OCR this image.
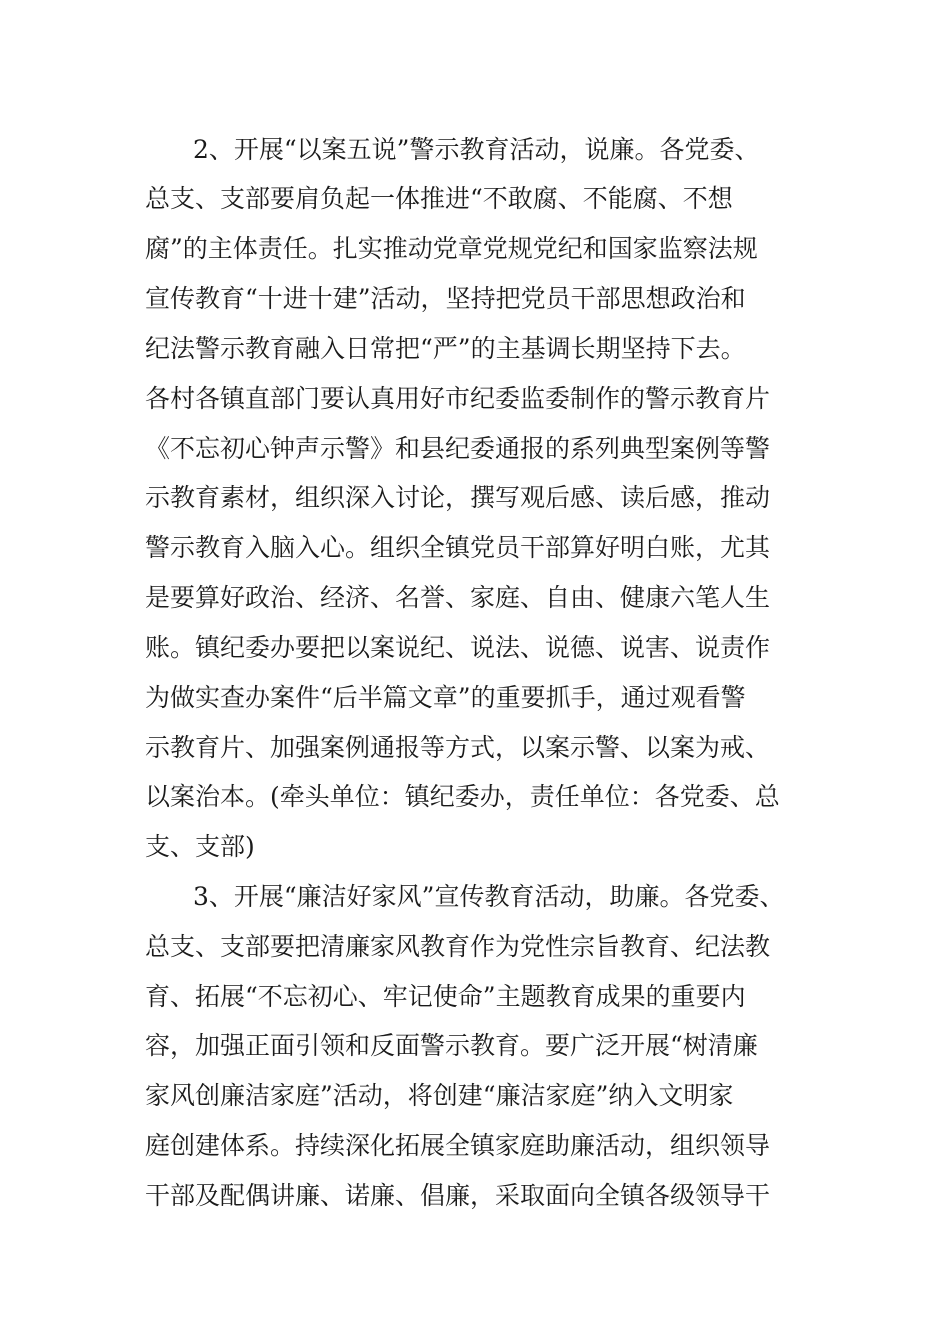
2、开展“以案五说”警示教育活动，说廉。各党委、
总支、支部要肩负起一体推进“不敢腐、不能腐、不想
腐”的主体责任。扎实推动党章党规党纪和国家监察法规
宣传教育“十进十建”活动，坚持把党员干部思想政治和
纪法警示教育融入日常把“严”的主基调长期坚持下去。
各村各镇直部门要认真用好市纪委监委制作的警示教育片
《不忘初心钟声示警》和县纪委通报的系列典型案例等警
示教育素材，组织深入讨论，撰写观后感、读后感，推动
警示教育入脑入心。组织全镇党员干部算好明白账，尤其
是要算好政治、经济、名誉、家庭、自由、健康六笔人生
账。镇纪委办要把以案说纪、说法、说德、说害、说责作
为做实查办案件“后半篇文章”的重要抓手，通过观看警
示教育片、加强案例通报等方式，以案示警、以案为戒、
以案治本。(牵头单位：镇纪委办，责任单位：各党委、总
支、支部)
3、开展“廉洁好家风”宣传教育活动，助廉。各党委、
总支、支部要把清廉家风教育作为党性宗旨教育、纪法教
育、拓展“不忘初心、牢记使命”主题教育成果的重要内
容，加强正面引领和反面警示教育。要广泛开展“树清廉
家风创廉洁家庭”活动，将创建“廉洁家庭”纳入文明家
庭创建体系。持续深化拓展全镇家庭助廉活动，组织领导
干部及配偶讲廉、诺廉、倡廉，采取面向全镇各级领导干
